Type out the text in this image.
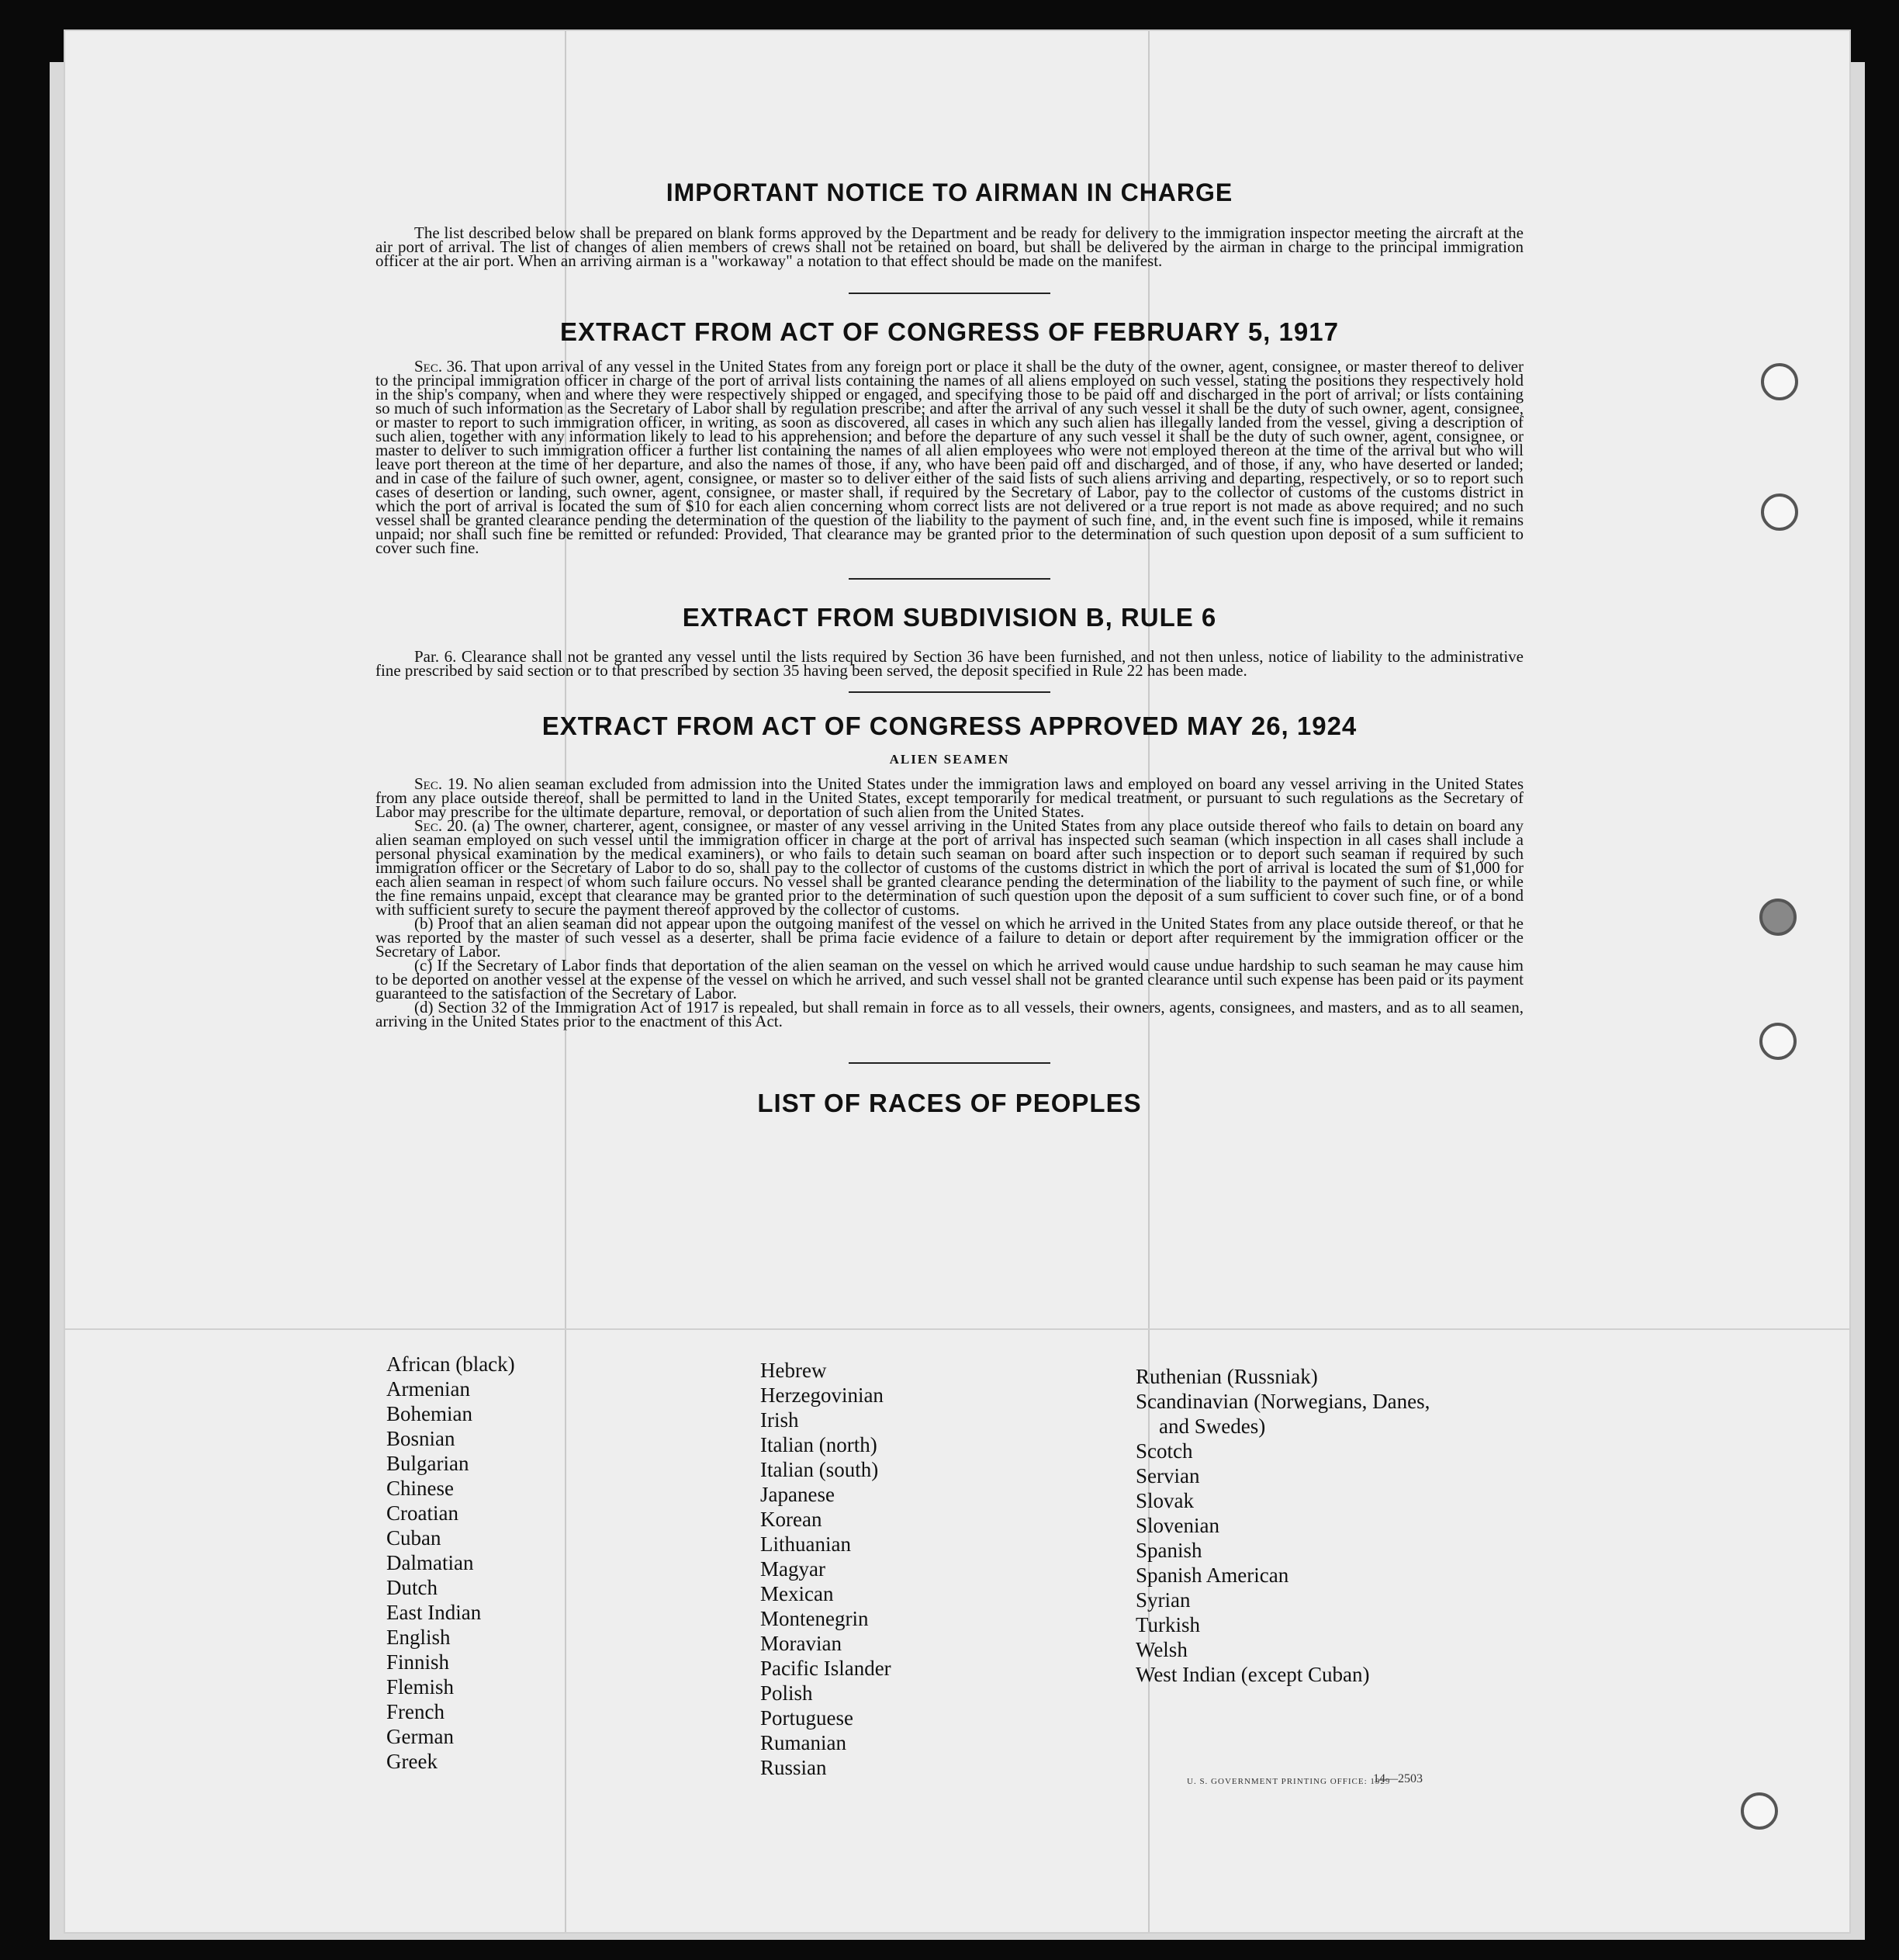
IMPORTANT NOTICE TO AIRMAN IN CHARGE

The list described below shall be prepared on blank forms approved by the Department and be ready for delivery to the immigration inspector meeting the aircraft at the air port of arrival. The list of changes of alien members of crews shall not be retained on board, but shall be delivered by the airman in charge to the principal immigration officer at the air port. When an arriving airman is a "workaway" a notation to that effect should be made on the manifest.

EXTRACT FROM ACT OF CONGRESS OF FEBRUARY 5, 1917

Sec. 36. That upon arrival of any vessel in the United States from any foreign port or place it shall be the duty of the owner, agent, consignee, or master thereof to deliver to the principal immigration officer in charge of the port of arrival lists containing the names of all aliens employed on such vessel, stating the positions they respectively hold in the ship's company, when and where they were respectively shipped or engaged, and specifying those to be paid off and discharged in the port of arrival; or lists containing so much of such information as the Secretary of Labor shall by regulation prescribe; and after the arrival of any such vessel it shall be the duty of such owner, agent, consignee, or master to report to such immigration officer, in writing, as soon as discovered, all cases in which any such alien has illegally landed from the vessel, giving a description of such alien, together with any information likely to lead to his apprehension; and before the departure of any such vessel it shall be the duty of such owner, agent, consignee, or master to deliver to such immigration officer a further list containing the names of all alien employees who were not employed thereon at the time of the arrival but who will leave port thereon at the time of her departure, and also the names of those, if any, who have been paid off and discharged, and of those, if any, who have deserted or landed; and in case of the failure of such owner, agent, consignee, or master so to deliver either of the said lists of such aliens arriving and departing, respectively, or so to report such cases of desertion or landing, such owner, agent, consignee, or master shall, if required by the Secretary of Labor, pay to the collector of customs of the customs district in which the port of arrival is located the sum of $10 for each alien concerning whom correct lists are not delivered or a true report is not made as above required; and no such vessel shall be granted clearance pending the determination of the question of the liability to the payment of such fine, and, in the event such fine is imposed, while it remains unpaid; nor shall such fine be remitted or refunded: Provided, That clearance may be granted prior to the determination of such question upon deposit of a sum sufficient to cover such fine.

EXTRACT FROM SUBDIVISION B, RULE 6

Par. 6. Clearance shall not be granted any vessel until the lists required by Section 36 have been furnished, and not then unless, notice of liability to the administrative fine prescribed by said section or to that prescribed by section 35 having been served, the deposit specified in Rule 22 has been made.

EXTRACT FROM ACT OF CONGRESS APPROVED MAY 26, 1924

ALIEN SEAMEN

Sec. 19. No alien seaman excluded from admission into the United States under the immigration laws and employed on board any vessel arriving in the United States from any place outside thereof, shall be permitted to land in the United States, except temporarily for medical treatment, or pursuant to such regulations as the Secretary of Labor may prescribe for the ultimate departure, removal, or deportation of such alien from the United States.

Sec. 20. (a) The owner, charterer, agent, consignee, or master of any vessel arriving in the United States from any place outside thereof who fails to detain on board any alien seaman employed on such vessel until the immigration officer in charge at the port of arrival has inspected such seaman (which inspection in all cases shall include a personal physical examination by the medical examiners), or who fails to detain such seaman on board after such inspection or to deport such seaman if required by such immigration officer or the Secretary of Labor to do so, shall pay to the collector of customs of the customs district in which the port of arrival is located the sum of $1,000 for each alien seaman in respect of whom such failure occurs. No vessel shall be granted clearance pending the determination of the liability to the payment of such fine, or while the fine remains unpaid, except that clearance may be granted prior to the determination of such question upon the deposit of a sum sufficient to cover such fine, or of a bond with sufficient surety to secure the payment thereof approved by the collector of customs.

(b) Proof that an alien seaman did not appear upon the outgoing manifest of the vessel on which he arrived in the United States from any place outside thereof, or that he was reported by the master of such vessel as a deserter, shall be prima facie evidence of a failure to detain or deport after requirement by the immigration officer or the Secretary of Labor.

(c) If the Secretary of Labor finds that deportation of the alien seaman on the vessel on which he arrived would cause undue hardship to such seaman he may cause him to be deported on another vessel at the expense of the vessel on which he arrived, and such vessel shall not be granted clearance until such expense has been paid or its payment guaranteed to the satisfaction of the Secretary of Labor.

(d) Section 32 of the Immigration Act of 1917 is repealed, but shall remain in force as to all vessels, their owners, agents, consignees, and masters, and as to all seamen, arriving in the United States prior to the enactment of this Act.

LIST OF RACES OF PEOPLES

African (black)
Armenian
Bohemian
Bosnian
Bulgarian
Chinese
Croatian
Cuban
Dalmatian
Dutch
East Indian
English
Finnish
Flemish
French
German
Greek
Hebrew
Herzegovinian
Irish
Italian (north)
Italian (south)
Japanese
Korean
Lithuanian
Magyar
Mexican
Montenegrin
Moravian
Pacific Islander
Polish
Portuguese
Rumanian
Russian
Ruthenian (Russniak)
Scandinavian (Norwegians, Danes,
and Swedes)
Scotch
Servian
Slovak
Slovenian
Spanish
Spanish American
Syrian
Turkish
Welsh
West Indian (except Cuban)
U. S. GOVERNMENT PRINTING OFFICE: 1929
14—2503
